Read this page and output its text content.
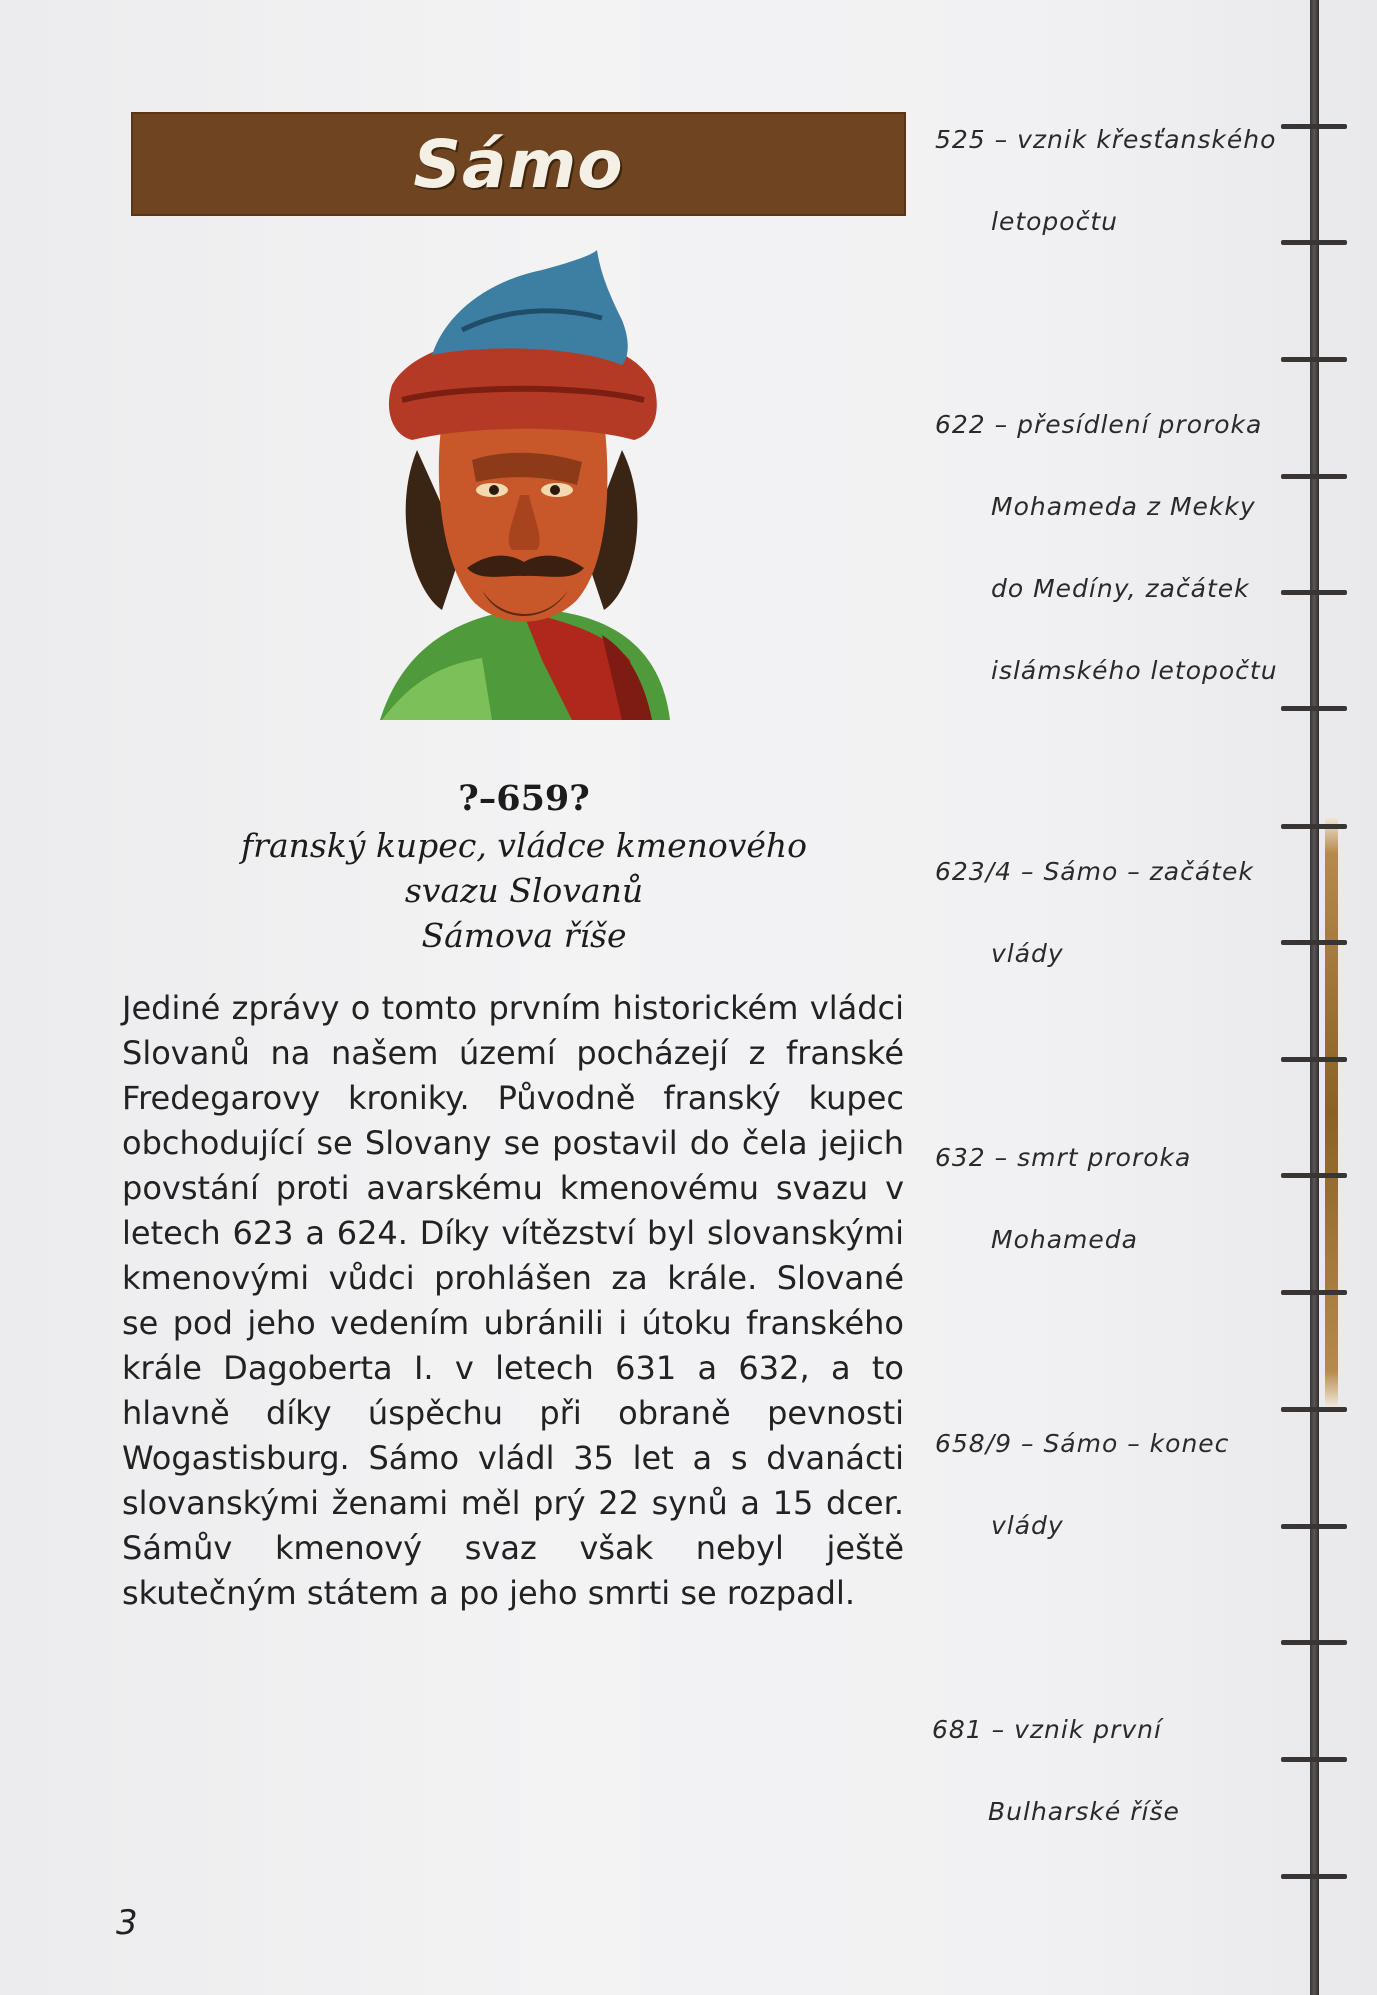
Sámo
?–659?
franský kupec, vládce kmenového svazu Slovanů
Sámova říše
Jediné zprávy o tomto prvním historickém vládci Slovanů na našem území pocházejí z franské Fredegarovy kroniky. Původně franský kupec obchodující se Slovany se postavil do čela jejich povstání proti avarskému kmenovému svazu v letech 623 a 624. Díky vítězství byl slovanskými kmenovými vůdci prohlášen za krále. Slované se pod jeho vedením ubránili i útoku franského krále Dagoberta I. v letech 631 a 632, a to hlavně díky úspěchu při obraně pevnosti Wogastisburg. Sámo vládl 35 let a s dvanácti slovanskými ženami měl prý 22 synů a 15 dcer. Sámův kmenový svaz však nebyl ještě skutečným státem a po jeho smrti se rozpadl.
525 – vznik křesťanského
letopočtu
622 – přesídlení proroka
Mohameda z Mekky
do Medíny, začátek
islámského letopočtu
623/4 – Sámo – začátek
vlády
632 – smrt proroka
Mohameda
658/9 – Sámo – konec
vlády
681 – vznik první
Bulharské říše
3
